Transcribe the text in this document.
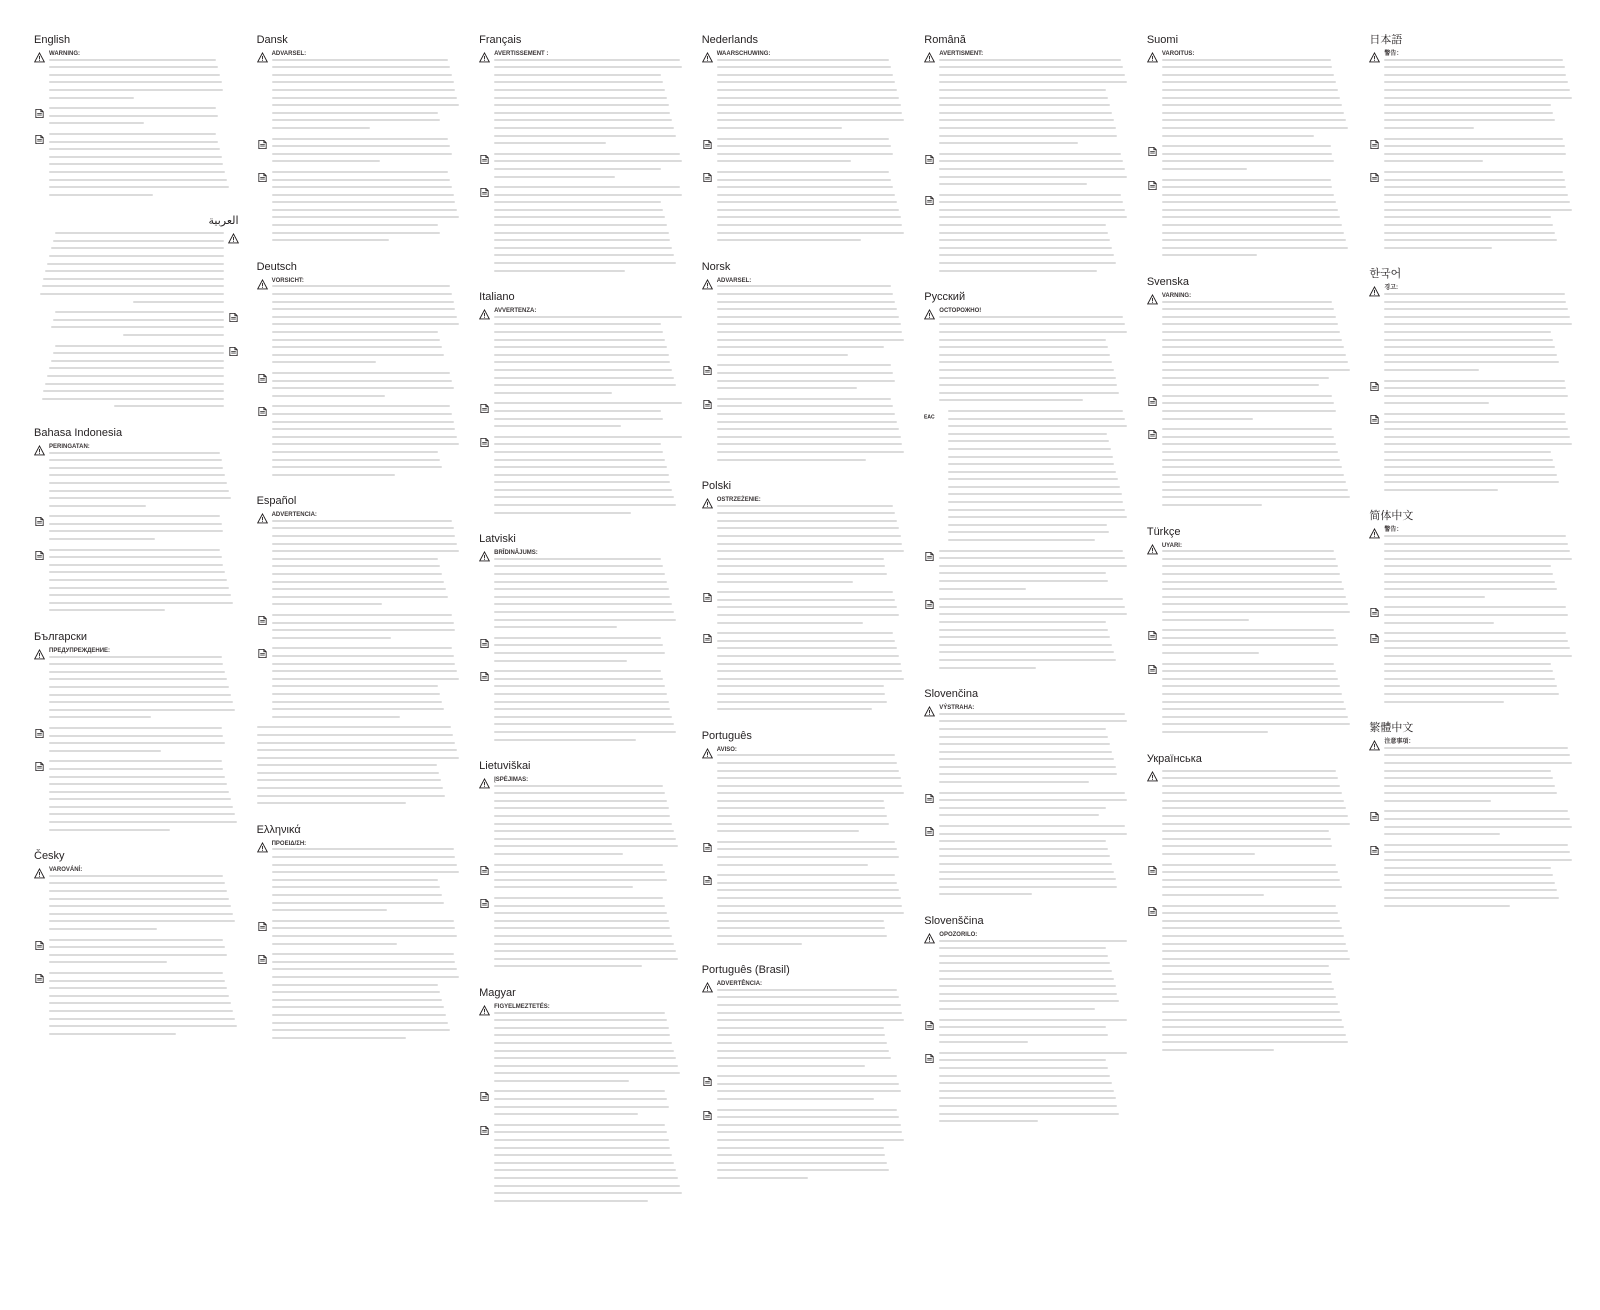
English
WARNING:
العربية
Bahasa Indonesia
PERINGATAN:
Български
ПРЕДУПРЕЖДЕНИЕ:
Česky
VAROVÁNÍ:
Dansk
ADVARSEL:
Deutsch
VORSICHT:
Español
ADVERTENCIA:
Ελληνικά
ΠΡΟΕΙΔ/ΣΗ:
Français
AVERTISSEMENT :
Italiano
AVVERTENZA:
Latviski
BRĪDINĀJUMS:
Lietuviškai
ĮSPĖJIMAS:
Magyar
FIGYELMEZTETÉS:
Nederlands
WAARSCHUWING:
Norsk
ADVARSEL:
Polski
OSTRZEŻENIE:
Português
AVISO:
Português (Brasil)
ADVERTÊNCIA:
Română
AVERTISMENT:
Русский
ОСТОРОЖНО!
EAC
Slovenčina
VÝSTRAHA:
Slovenščina
OPOZORILO:
Suomi
VAROITUS:
Svenska
VARNING:
Türkçe
UYARI:
Українська
日本語
警告：
한국어
경고:
简体中文
警告：
繁體中文
注意事項：
